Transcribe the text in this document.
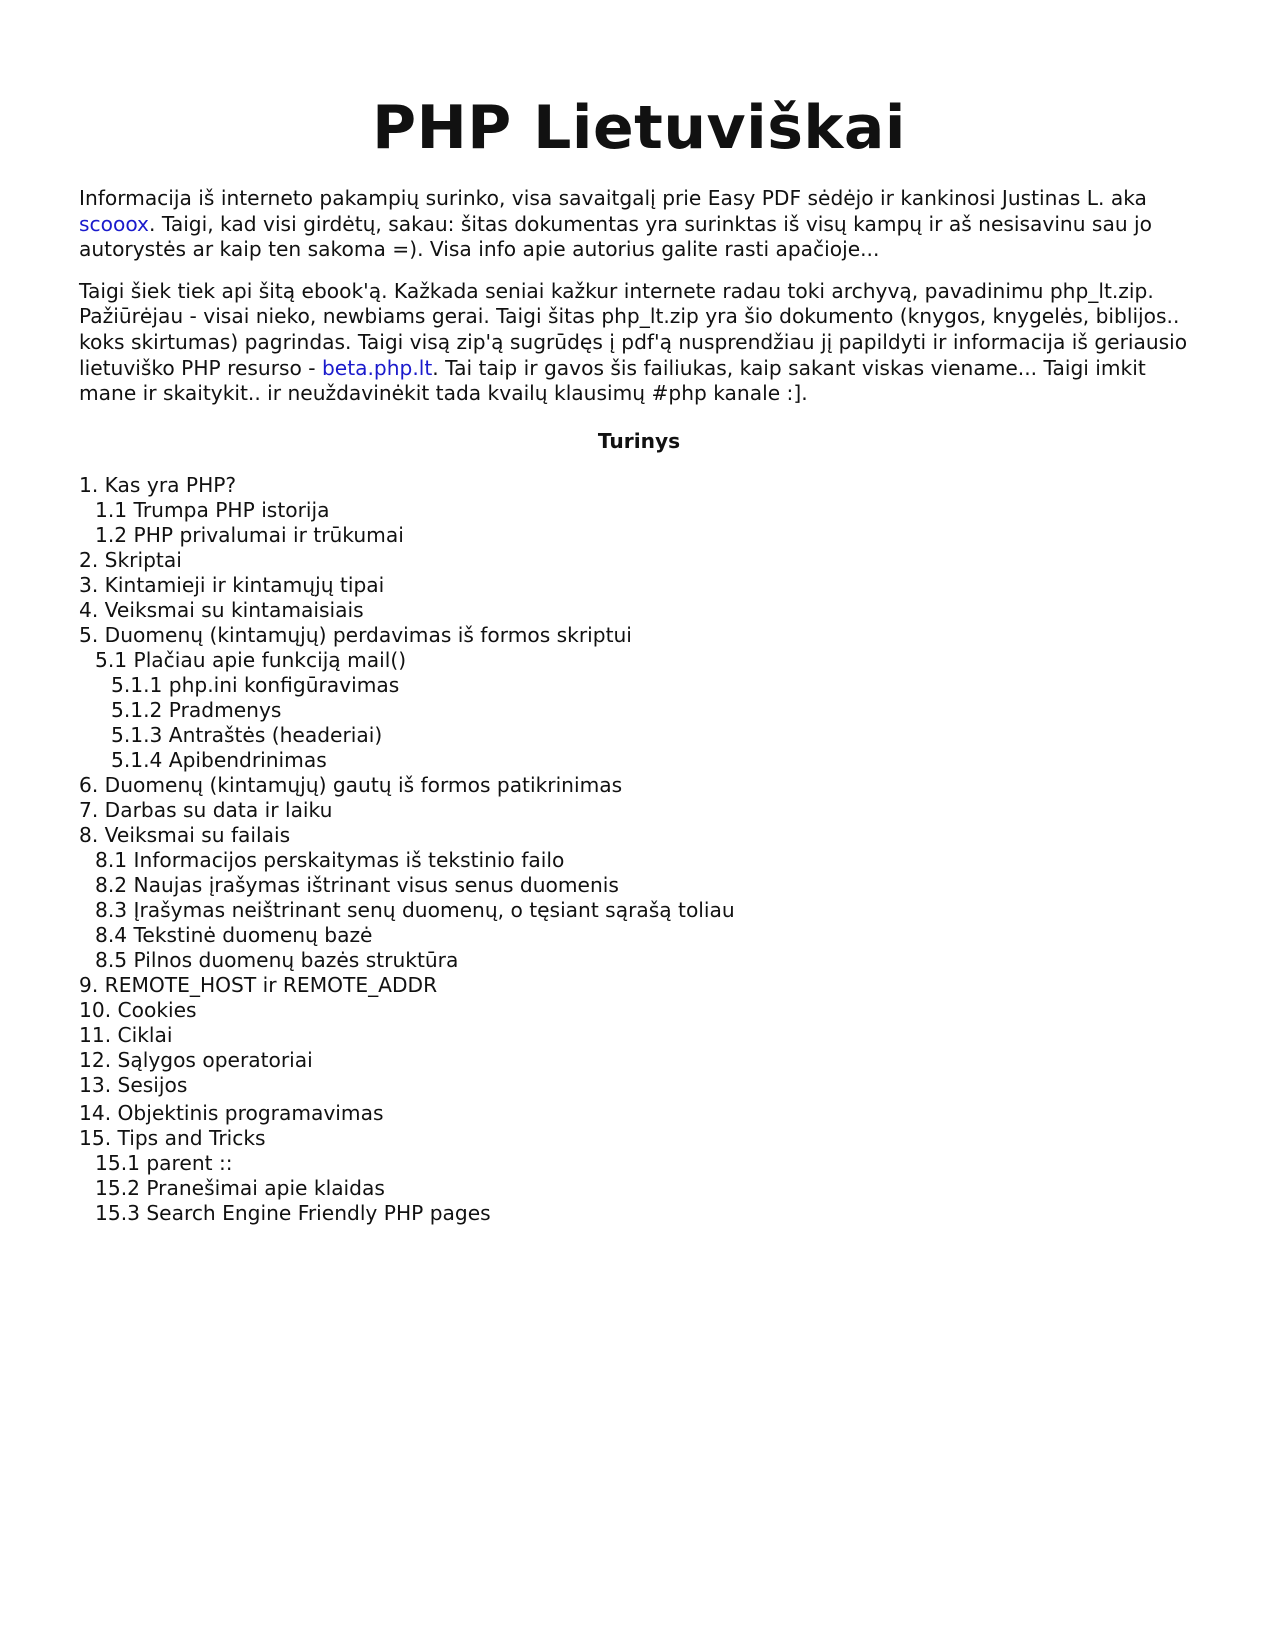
PHP Lietuviškai

Informacija iš interneto pakampių surinko, visa savaitgalį prie Easy PDF sėdėjo ir kankinosi Justinas L. aka scooox. Taigi, kad visi girdėtų, sakau: šitas dokumentas yra surinktas iš visų kampų ir aš nesisavinu sau jo autorystės ar kaip ten sakoma =). Visa info apie autorius galite rasti apačioje...

Taigi šiek tiek api šitą ebook'ą. Kažkada seniai kažkur internete radau toki archyvą, pavadinimu php_lt.zip. Pažiūrėjau - visai nieko, newbiams gerai. Taigi šitas php_lt.zip yra šio dokumento (knygos, knygelės, biblijos.. koks skirtumas) pagrindas. Taigi visą zip'ą sugrūdęs į pdf'ą nusprendžiau jį papildyti ir informacija iš geriausio lietuviško PHP resurso - beta.php.lt. Tai taip ir gavos šis failiukas, kaip sakant viskas viename... Taigi imkit mane ir skaitykit.. ir neuždavinėkit tada kvailų klausimų #php kanale :].

Turinys
1. Kas yra PHP?
1.1 Trumpa PHP istorija
1.2 PHP privalumai ir trūkumai
2. Skriptai
3. Kintamieji ir kintamųjų tipai
4. Veiksmai su kintamaisiais
5. Duomenų (kintamųjų) perdavimas iš formos skriptui
5.1 Plačiau apie funkciją mail()
5.1.1 php.ini konfigūravimas
5.1.2 Pradmenys
5.1.3 Antraštės (headeriai)
5.1.4 Apibendrinimas
6. Duomenų (kintamųjų) gautų iš formos patikrinimas
7. Darbas su data ir laiku
8. Veiksmai su failais
8.1 Informacijos perskaitymas iš tekstinio failo
8.2 Naujas įrašymas ištrinant visus senus duomenis
8.3 Įrašymas neištrinant senų duomenų, o tęsiant sąrašą toliau
8.4 Tekstinė duomenų bazė
8.5 Pilnos duomenų bazės struktūra
9. REMOTE_HOST ir REMOTE_ADDR
10. Cookies
11. Ciklai
12. Sąlygos operatoriai
13. Sesijos
14. Objektinis programavimas
15. Tips and Tricks
15.1 parent ::
15.2 Pranešimai apie klaidas
15.3 Search Engine Friendly PHP pages
